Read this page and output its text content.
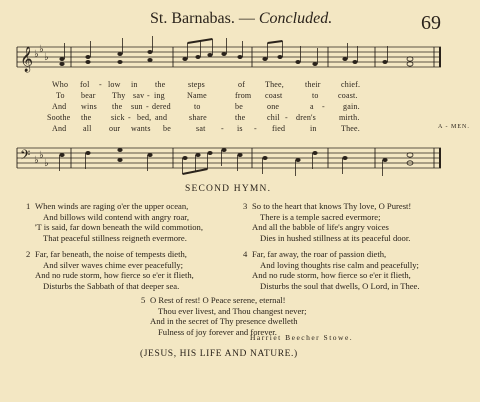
St. Barnabas. — Concluded.	69
𝄞 ♭ ♭
♭
𝄢 ♭ ♭
♭
Who fol - low in the	steps	of Thee,	their	chief.
To bear Thy sav - ing	Name	from coast	to coast.
And wins the sun - dered	to	be	one	a - gain.
Soothe the sick - bed, and	share	the	chil - dren's	mirth.
And all our wants be	sat - is - fied	in	Thee.	A - MEN.
SECOND HYMN.
1 When winds are raging o'er the upper ocean,
And billows wild contend with angry roar,
'T is said, far down beneath the wild commotion,
That peaceful stillness reigneth evermore.
2 Far, far beneath, the noise of tempests dieth,
And silver waves chime ever peacefully;
And no rude storm, how fierce so e'er it flieth,
Disturbs the Sabbath of that deeper sea.
3 So to the heart that knows Thy love, O Purest!
There is a temple sacred evermore;
And all the babble of life's angry voices
Dies in hushed stillness at its peaceful door.
4 Far, far away, the roar of passion dieth,
And loving thoughts rise calm and peacefully;
And no rude storm, how fierce so e'er it flieth,
Disturbs the soul that dwells, O Lord, in Thee.
5 O Rest of rest! O Peace serene, eternal!
Thou ever livest, and Thou changest never;
And in the secret of Thy presence dwelleth
Fulness of joy forever and forever.
Harriet Beecher Stowe.
(JESUS, HIS LIFE AND NATURE.)
